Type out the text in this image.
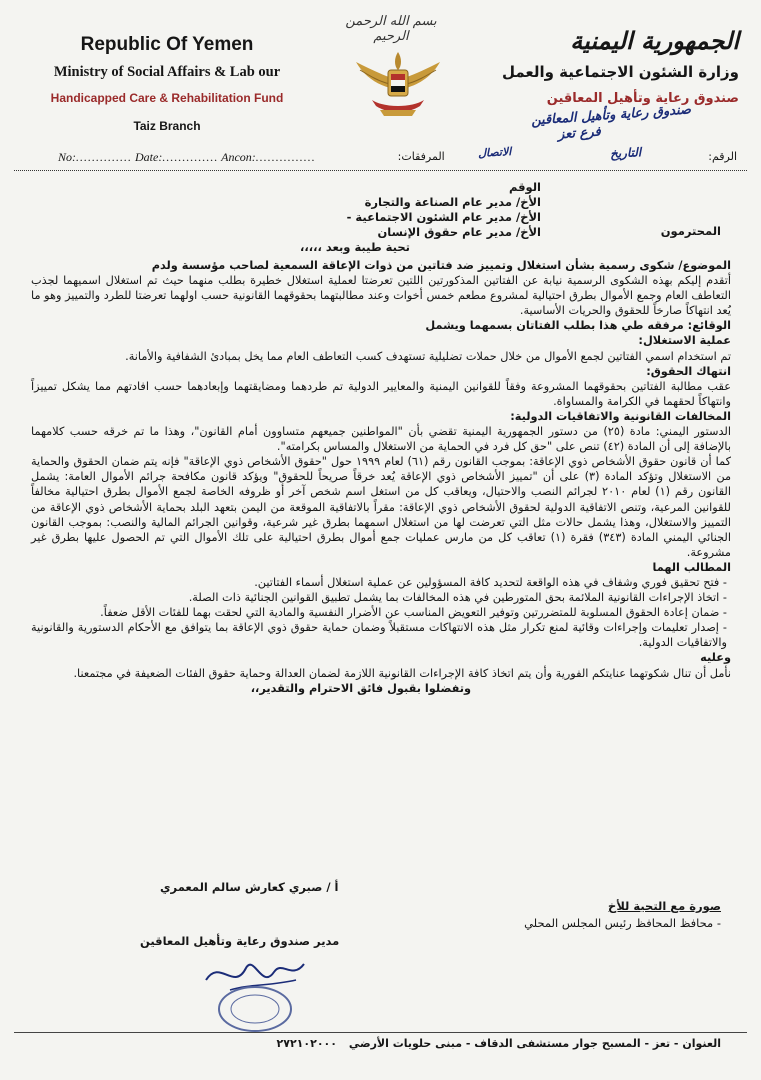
Republic Of Yemen
Ministry of Social Affairs & Lab our
Handicapped Care & Rehabilitation Fund
Taiz Branch
بسم الله الرحمن الرحيم	الجمهورية اليمنية
وزارة الشئون الاجتماعية والعمل
صندوق رعاية وتأهيل المعاقين
صندوق رعاية وتأهيل المعاقين
فرع تعز
التاريخ
الاتصال
No:.............. Date:.............. Ancon:...............	الرقم: المرفقات:
الوقم
الأخ/ مدير عام الصناعة والتجارة
الأخ/ مدير عام الشئون الاجتماعية -
الأخ/ مدير عام حقوق الإنسان	المحترمون
تحية طيبة وبعد ،،،،،

الموضوع/ شكوى رسمية بشأن استغلال وتمييز ضد فتاتين من ذوات الإعاقة السمعية لصاحب مؤسسة ولدم

أتقدم إليكم بهذه الشكوى الرسمية نيابة عن الفتاتين المذكورتين اللتين تعرضتا لعملية استغلال خطيرة بطلب منهما حيث تم استغلال اسميهما لجذب التعاطف العام وجمع الأموال بطرق احتيالية لمشروع مطعم خمس أخوات وعند مطالبتهما بحقوقهما القانونية حسب اولهما تعرضتا للطرد والتمييز وهو ما يُعد انتهاكاً صارخاً للحقوق والحريات الأساسية.

الوقائع: مرفقه طي هذا بطلب الفتاتان بسمهما ويشمل

عملية الاستغلال:

تم استخدام اسمي الفتاتين لجمع الأموال من خلال حملات تضليلية تستهدف كسب التعاطف العام مما يخل بمبادئ الشفافية والأمانة.

انتهاك الحقوق:

عقب مطالبة الفتاتين بحقوقهما المشروعة وفقاً للقوانين اليمنية والمعايير الدولية تم طردهما ومضايقتهما وإبعادهما حسب افادتهم مما يشكل تمييزاً وانتهاكاً لحقهما في الكرامة والمساواة.

المخالفات القانونية والاتفاقيات الدولية:

الدستور اليمني: مادة (٢٥) من دستور الجمهورية اليمنية تقضي بأن "المواطنين جميعهم متساوون أمام القانون"، وهذا ما تم خرقه حسب كلامهما بالإضافة إلى أن المادة (٤٢) تنص على "حق كل فرد في الحماية من الاستغلال والمساس بكرامته".

كما أن قانون حقوق الأشخاص ذوي الإعاقة: بموجب القانون رقم (٦١) لعام ١٩٩٩ حول "حقوق الأشخاص ذوي الإعاقة" فإنه يتم ضمان الحقوق والحماية من الاستغلال وتؤكد المادة (٣) على أن "تمييز الأشخاص ذوي الإعاقة يُعد خرقاً صريحاً للحقوق" ويؤكد قانون مكافحة جرائم الأموال العامة: يشمل القانون رقم (١) لعام ٢٠١٠ لجرائم النصب والاحتيال، ويعاقب كل من استغل اسم شخص آخر أو ظروفه الخاصة لجمع الأموال بطرق احتيالية مخالفاً للقوانين المرعية، وتنص الاتفاقية الدولية لحقوق الأشخاص ذوي الإعاقة: مقراً بالاتفاقية الموقعة من اليمن بتعهد البلد بحماية الأشخاص ذوي الإعاقة من التمييز والاستغلال، وهذا يشمل حالات مثل التي تعرضت لها من استغلال اسمهما بطرق غير شرعية، وقوانين الجرائم المالية والنصب: بموجب القانون الجنائي اليمني المادة (٣٤٣) فقرة (١) تعاقب كل من مارس عمليات جمع أموال بطرق احتيالية على تلك الأموال التي تم الحصول عليها بطرق غير مشروعة.

المطالب الهما

- فتح تحقيق فوري وشفاف في هذه الواقعة لتحديد كافة المسؤولين عن عملية استغلال أسماء الفتاتين.

- اتخاذ الإجراءات القانونية الملائمة بحق المتورطين في هذه المخالفات بما يشمل تطبيق القوانين الجنائية ذات الصلة.

- ضمان إعادة الحقوق المسلوبة للمتضررتين وتوفير التعويض المناسب عن الأضرار النفسية والمادية التي لحقت بهما للفئات الأقل ضعفاً.

- إصدار تعليمات وإجراءات وقائية لمنع تكرار مثل هذه الانتهاكات مستقبلاً وضمان حماية حقوق ذوي الإعاقة بما يتوافق مع الأحكام الدستورية والقانونية والاتفاقيات الدولية.

وعليه

نأمل أن تنال شكوتهما عنايتكم الفورية وأن يتم اتخاذ كافة الإجراءات القانونية اللازمة لضمان العدالة وحماية حقوق الفئات الضعيفة في مجتمعنا.

وتفضلوا بقبول فائق الاحترام والتقدير،،

صورة مع التحية للأخ
- محافظ المحافظ رئيس المجلس المحلي
أ / صبري كعارش سالم المعمري
مدير صندوق رعاية وتأهيل المعاقين
العنوان - تعز - المسبح جوار مستشفى الدقاف - مبنى حلويات الأرضي ٢٧٢١٠٢٠٠٠
